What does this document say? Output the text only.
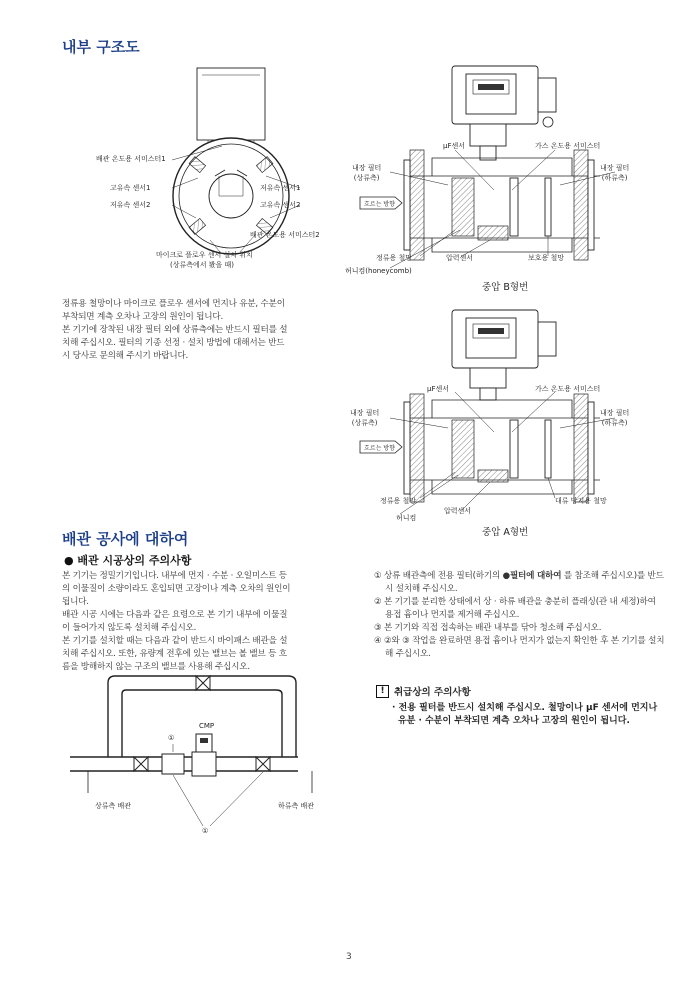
내부 구조도
배관 온도용 서미스터1
고유속 센서1	저유속 센서1
저유속 센서2	고유속 센서2
배관 온도용 서미스터2
마이크로 플로우 센서 설치 위치
(상류측에서 봤을 때)
정류용 철망이나 마이크로 플로우 센서에 먼지나 유분, 수분이
부착되면 계측 오차나 고장의 원인이 됩니다.
본 기기에 장착된 내장 필터 외에 상류측에는 반드시 필터를 설
치해 주십시오. 필터의 기종 선정 · 설치 방법에 대해서는 반드
시 당사로 문의해 주시기 바랍니다.
μF센서	가스 온도용 서미스터
내장 필터
(상류측)
내장 필터
(하류측)
흐르는 방향
정류용 철망	압력센서	보호용 철망
허니컴(honeycomb)
중압 B형번
μF센서	가스 온도용 서미스터
내장 필터
(상류측)
내장 필터
(하류측)
흐르는 방향
정류용 철망
압력센서
대류 방지용 철망
허니컴
중압 A형번
배관 공사에 대하여
● 배관 시공상의 주의사항
본 기기는 정밀기기입니다. 내부에 먼지 · 수분 · 오일미스트 등
의 이물질이 소량이라도 혼입되면 고장이나 계측 오차의 원인이
됩니다.
배관 시공 시에는 다음과 같은 요령으로 본 기기 내부에 이물질
이 들어가지 않도록 설치해 주십시오.
본 기기를 설치할 때는 다음과 같이 반드시 바이패스 배관을 설
치해 주십시오. 또한, 유량계 전후에 있는 밸브는 볼 밸브 등 흐
름을 방해하지 않는 구조의 밸브를 사용해 주십시오.

① 상류 배관측에 전용 필터(하기의 ●필터에 대하여 를 참조해 주십시오)를 반드시 설치해 주십시오.

② 본 기기를 분리한 상태에서 상 · 하류 배관을 충분히 플래싱(관 내 세정)하여 용접 흄이나 먼지를 제거해 주십시오.

③ 본 기기와 직접 접속하는 배관 내부를 닦아 청소해 주십시오.

④ ②와 ③ 작업을 완료하면 용접 흄이나 먼지가 없는지 확인한 후 본 기기를 설치해 주십시오.

! 취급상의 주의사항
· 전용 필터를 반드시 설치해 주십시오. 철망이나 μF 센서에 먼지나 유분 · 수분이 부착되면 계측 오차나 고장의 원인이 됩니다.
CMP
①
①
상류측 배관	하류측 배관
3
